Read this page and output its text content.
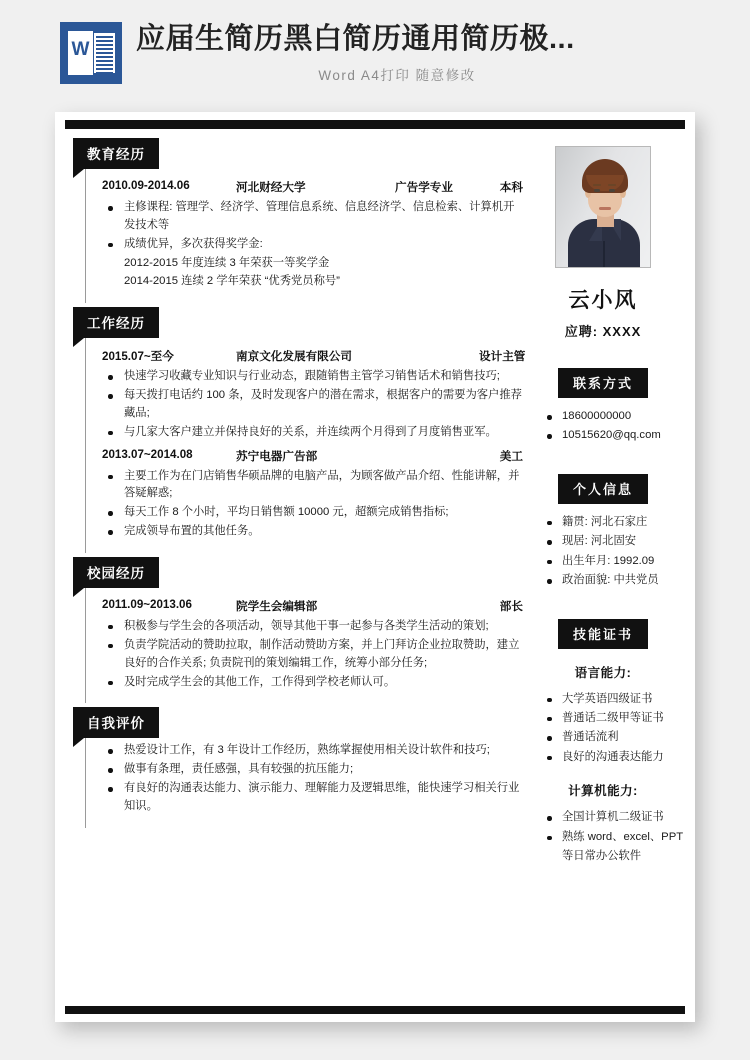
W
应届生简历黑白简历通用简历极...
Word A4打印 随意修改
教育经历
2010.09-2014.06	河北财经大学	广告学专业	本科
主修课程: 管理学、经济学、管理信息系统、信息经济学、信息检索、计算机开发技术等
成绩优异，多次获得奖学金:
2012-2015 年度连续 3 年荣获一等奖学金
2014-2015 连续 2 学年荣获 “优秀党员称号”
工作经历
2015.07~至今	南京文化发展有限公司	设计主管
快速学习收藏专业知识与行业动态，跟随销售主管学习销售话术和销售技巧;
每天拨打电话约 100 条，及时发现客户的潜在需求，根据客户的需要为客户推荐藏品;
与几家大客户建立并保持良好的关系，并连续两个月得到了月度销售亚军。
2013.07~2014.08	苏宁电器广告部	美工
主要工作为在门店销售华硕品牌的电脑产品，为顾客做产品介绍、性能讲解，并答疑解惑;
每天工作 8 个小时，平均日销售额 10000 元，超额完成销售指标;
完成领导布置的其他任务。
校园经历
2011.09~2013.06	院学生会编辑部	部长
积极参与学生会的各项活动，领导其他干事一起参与各类学生活动的策划;
负责学院活动的赞助拉取，制作活动赞助方案，并上门拜访企业拉取赞助，建立良好的合作关系; 负责院刊的策划编辑工作，统筹小部分任务;
及时完成学生会的其他工作，工作得到学校老师认可。
自我评价
热爱设计工作，有 3 年设计工作经历，熟练掌握使用相关设计软件和技巧;
做事有条理，责任感强，具有较强的抗压能力;
有良好的沟通表达能力、演示能力、理解能力及逻辑思维，能快速学习相关行业知识。
云小风
应聘: XXXX
联系方式
18600000000
10515620@qq.com
个人信息
籍贯: 河北石家庄
现居: 河北固安
出生年月: 1992.09
政治面貌: 中共党员
技能证书
语言能力:
大学英语四级证书
普通话二级甲等证书
普通话流利
良好的沟通表达能力
计算机能力:
全国计算机二级证书
熟练 word、excel、PPT 等日常办公软件
